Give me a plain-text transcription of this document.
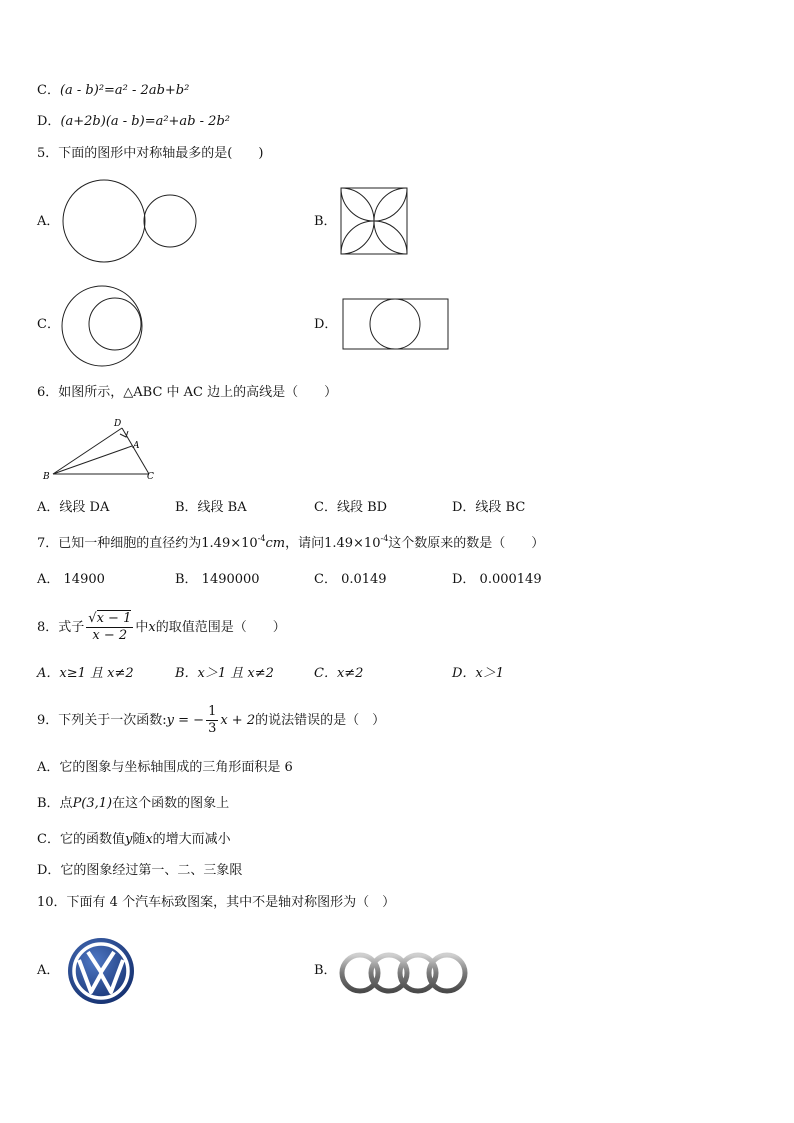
C．(a - b)²=a² - 2ab+b²
D．(a+2b)(a - b)=a²+ab - 2b²
5．下面的图形中对称轴最多的是(　　)
A．	B．
C．	D．
6．如图所示，△ABC 中 AC 边上的高线是（　　）
D
A
B	C
A．线段 DA	B．线段 BA	C．线段 BD	D．线段 BC
7．已知一种细胞的直径约为$1.49\times 10^{-4}cm$，请问$1.49\times 10^{-4}$这个数原来的数是（　　）
A． 14900	B． 1490000	C． 0.0149	D． 0.000149
8．式子 $\frac{√x - 1}{x - 2}$ 中x的取值范围是（　　）
A．x≥1 且 x≠2	B．x＞1 且 x≠2	C．x≠2	D．x＞1
9．下列关于一次函数:y = − $\frac{1}{3}$ x + 2的说法错误的是（　）
A．它的图象与坐标轴围成的三角形面积是 6
B．点P(3,1)在这个函数的图象上
C．它的函数值y随x的增大而减小
D．它的图象经过第一、二、三象限
10．下面有 4 个汽车标致图案，其中不是轴对称图形为（　）
A．	B．
